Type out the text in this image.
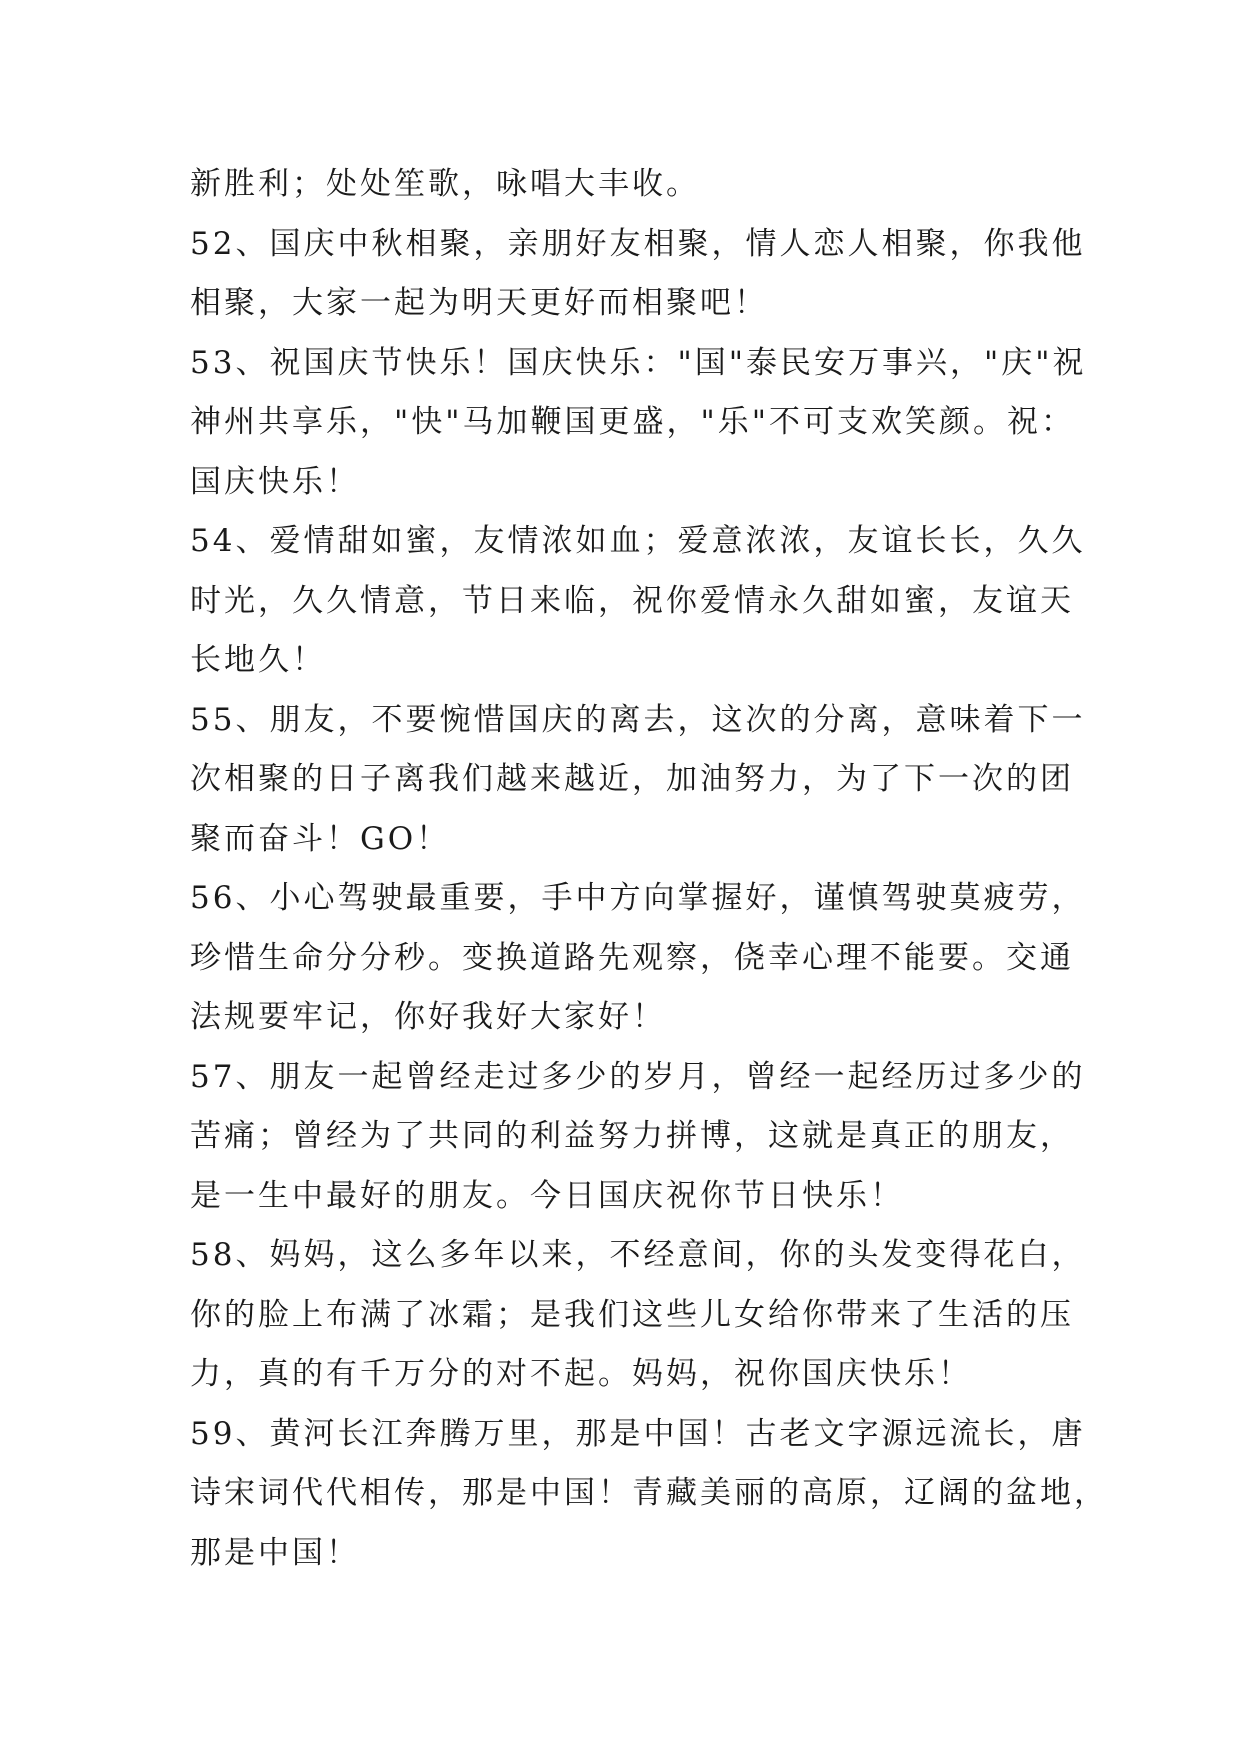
新胜利；处处笙歌，咏唱大丰收。
52、国庆中秋相聚，亲朋好友相聚，情人恋人相聚，你我他
相聚，大家一起为明天更好而相聚吧！
53、祝国庆节快乐！国庆快乐："国"泰民安万事兴，"庆"祝
神州共享乐，"快"马加鞭国更盛，"乐"不可支欢笑颜。祝：
国庆快乐！
54、爱情甜如蜜，友情浓如血；爱意浓浓，友谊长长，久久
时光，久久情意，节日来临，祝你爱情永久甜如蜜，友谊天
长地久！
55、朋友，不要惋惜国庆的离去，这次的分离，意味着下一
次相聚的日子离我们越来越近，加油努力，为了下一次的团
聚而奋斗！GO！
56、小心驾驶最重要，手中方向掌握好，谨慎驾驶莫疲劳，
珍惜生命分分秒。变换道路先观察，侥幸心理不能要。交通
法规要牢记，你好我好大家好！
57、朋友一起曾经走过多少的岁月，曾经一起经历过多少的
苦痛；曾经为了共同的利益努力拼博，这就是真正的朋友，
是一生中最好的朋友。今日国庆祝你节日快乐！
58、妈妈，这么多年以来，不经意间，你的头发变得花白，
你的脸上布满了冰霜；是我们这些儿女给你带来了生活的压
力，真的有千万分的对不起。妈妈，祝你国庆快乐！
59、黄河长江奔腾万里，那是中国！古老文字源远流长，唐
诗宋词代代相传，那是中国！青藏美丽的高原，辽阔的盆地，
那是中国！
